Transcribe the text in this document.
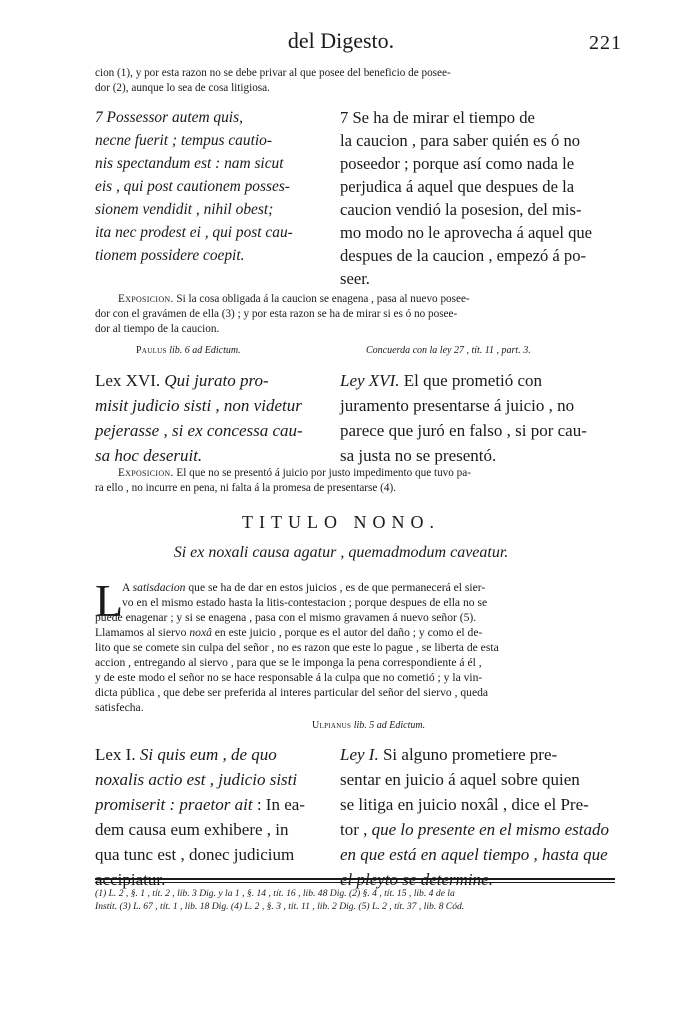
del Digesto.	221
cion (1), y por esta razon no se debe privar al que posee del beneficio de posee-
dor (2), aunque lo sea de cosa litigiosa.
7 Possessor autem quis,
necne fuerit ; tempus cautio-
nis spectandum est : nam sicut
eis , qui post cautionem posses-
sionem vendidit , nihil obest;
ita nec prodest ei , qui post cau-
tionem possidere coepit.
7 Se ha de mirar el tiempo de
la caucion , para saber quién es ó no
poseedor ; porque así como nada le
perjudica á aquel que despues de la
caucion vendió la posesion, del mis-
mo modo no le aprovecha á aquel que
despues de la caucion , empezó á po-
seer.
Exposicion. Si la cosa obligada á la caucion se enagena , pasa al nuevo posee-
dor con el gravámen de ella (3) ; y por esta razon se ha de mirar si es ó no posee-
dor al tiempo de la caucion.
Paulus lib. 6 ad Edictum.	Concuerda con la ley 27 , tít. 11 , part. 3.
Lex XVI. Qui jurato pro-
misit judicio sisti , non videtur
pejerasse , si ex concessa cau-
sa hoc deseruit.
Ley XVI. El que prometió con
juramento presentarse á juicio , no
parece que juró en falso , si por cau-
sa justa no se presentó.
Exposicion. El que no se presentó á juicio por justo impedimento que tuvo pa-
ra ello , no incurre en pena, ni falta á la promesa de presentarse (4).
TITULO NONO.
Si ex noxali causa agatur , quemadmodum caveatur.
L
A satisdacion que se ha de dar en estos juicios , es de que permanecerá el sier-
vo en el mismo estado hasta la litis-contestacion ; porque despues de ella no se
puede enagenar ; y si se enagena , pasa con el mismo gravamen á nuevo señor (5).
Llamamos al siervo noxâ en este juicio , porque es el autor del daño ; y como el de-
lito que se comete sin culpa del señor , no es razon que este lo pague , se liberta de esta
accion , entregando al siervo , para que se le imponga la pena correspondiente á él ,
y de este modo el señor no se hace responsable á la culpa que no cometió ; y la vin-
dicta pública , que debe ser preferida al interes particular del señor del siervo , queda
satisfecha.
Ulpianus lib. 5 ad Edictum.
Lex I. Si quis eum , de quo
noxalis actio est , judicio sisti
promiserit : praetor ait : In ea-
dem causa eum exhibere , in
qua tunc est , donec judicium
accipiatur.
Ley I. Si alguno prometiere pre-
sentar en juicio á aquel sobre quien
se litiga en juicio noxâl , dice el Pre-
tor , que lo presente en el mismo estado
en que está en aquel tiempo , hasta que
el pleyto se determine.
(1) L. 2 , §. 1 , tít. 2 , lib. 3 Dig. y la 1 , §. 14 , tít. 16 , lib. 48 Dig. (2) §. 4 , tít. 15 , lib. 4 de la
Instit. (3) L. 67 , tít. 1 , lib. 18 Dig. (4) L. 2 , §. 3 , tít. 11 , lib. 2 Dig. (5) L. 2 , tít. 37 , lib. 8 Cód.
